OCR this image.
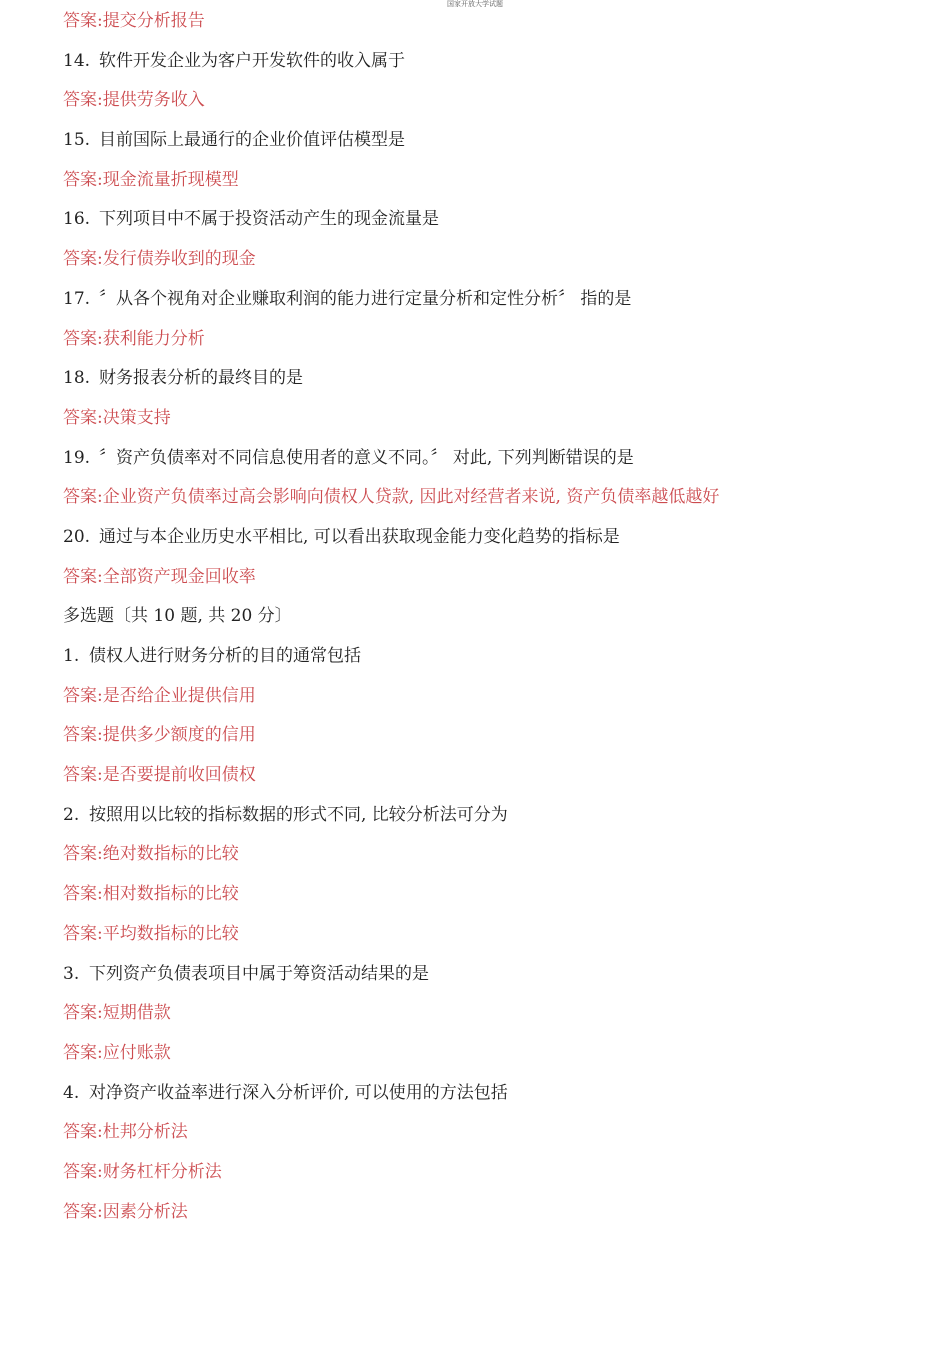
国家开放大学试题
答案:提交分析报告
14. 软件开发企业为客户开发软件的收入属于
答案:提供劳务收入
15. 目前国际上最通行的企业价值评估模型是
答案:现金流量折现模型
16. 下列项目中不属于投资活动产生的现金流量是
答案:发行债券收到的现金
17. 〞从各个视角对企业赚取利润的能力进行定量分析和定性分析〞 指的是
答案:获利能力分析
18. 财务报表分析的最终目的是
答案:决策支持
19. 〞资产负债率对不同信息使用者的意义不同。〞 对此, 下列判断错误的是
答案:企业资产负债率过高会影响向债权人贷款, 因此对经营者来说, 资产负债率越低越好
20. 通过与本企业历史水平相比, 可以看出获取现金能力变化趋势的指标是
答案:全部资产现金回收率
多选题〔共 10 题, 共 20 分〕
1. 债权人进行财务分析的目的通常包括
答案:是否给企业提供信用
答案:提供多少额度的信用
答案:是否要提前收回债权
2. 按照用以比较的指标数据的形式不同, 比较分析法可分为
答案:绝对数指标的比较
答案:相对数指标的比较
答案:平均数指标的比较
3. 下列资产负债表项目中属于筹资活动结果的是
答案:短期借款
答案:应付账款
4. 对净资产收益率进行深入分析评价, 可以使用的方法包括
答案:杜邦分析法
答案:财务杠杆分析法
答案:因素分析法
